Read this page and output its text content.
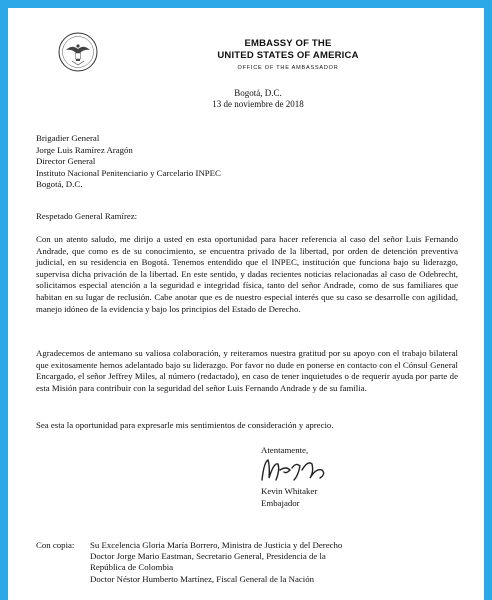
EMBASSY OF THE
UNITED STATES OF AMERICA
OFFICE OF THE AMBASSADOR
Bogotá, D.C.
13 de noviembre de 2018
Brigadier General
Jorge Luis Ramírez Aragón
Director General
Instituto Nacional Penitenciario y Carcelario INPEC
Bogotá, D.C.
Respetado General Ramírez:

Con un atento saludo, me dirijo a usted en esta oportunidad para hacer referencia al caso del señor Luis Fernando Andrade, que como es de su conocimiento, se encuentra privado de la libertad, por orden de detención preventiva judicial, en su residencia en Bogotá. Tenemos entendido que el INPEC, institución que funciona bajo su liderazgo, supervisa dicha privación de la libertad. En este sentido, y dadas recientes noticias relacionadas al caso de Odebrecht, solicitamos especial atención a la seguridad e integridad física, tanto del señor Andrade, como de sus familiares que habitan en su lugar de reclusión. Cabe anotar que es de nuestro especial interés que su caso se desarrolle con agilidad, manejo idóneo de la evidencia y bajo los principios del Estado de Derecho.

Agradecemos de antemano su valiosa colaboración, y reiteramos nuestra gratitud por su apoyo con el trabajo bilateral que exitosamente hemos adelantado bajo su liderazgo. Por favor no dude en ponerse en contacto con el Cónsul General Encargado, el señor Jeffrey Miles, al número (redactado), en caso de tener inquietudes o de requerir ayuda por parte de esta Misión para contribuir con la seguridad del señor Luis Fernando Andrade y de su familia.

Sea esta la oportunidad para expresarle mis sentimientos de consideración y aprecio.

Atentamente,
Kevin Whitaker
Embajador
Con copia: Su Excelencia Gloria María Borrero, Ministra de Justicia y del Derecho
Doctor Jorge Mario Eastman, Secretario General, Presidencia de la
República de Colombia
Doctor Néstor Humberto Martínez, Fiscal General de la Nación
